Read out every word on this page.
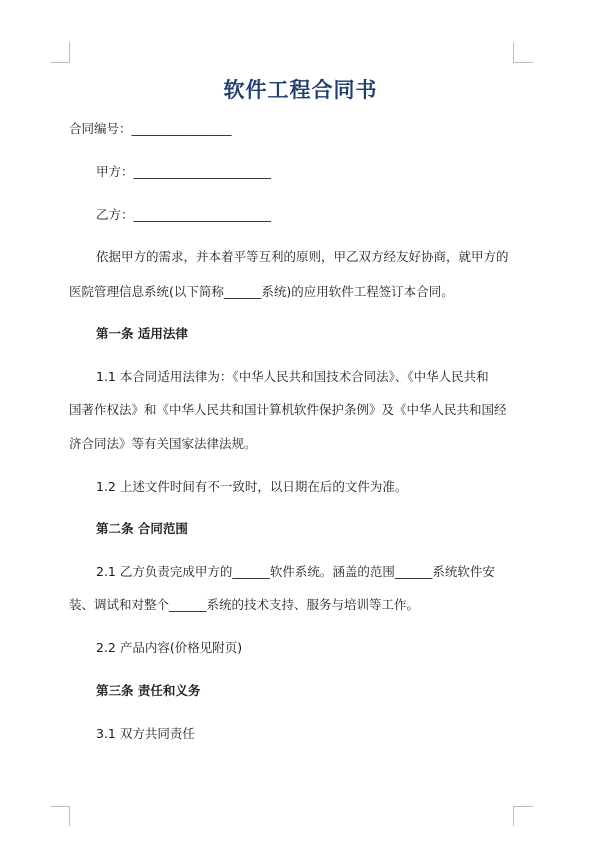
软件工程合同书
合同编号：________________
甲方：______________________
乙方：______________________
依据甲方的需求，并本着平等互利的原则，甲乙双方经友好协商，就甲方的
医院管理信息系统(以下简称______系统)的应用软件工程签订本合同。
第一条 适用法律
1.1 本合同适用法律为：《中华人民共和国技术合同法》、《中华人民共和
国著作权法》和《中华人民共和国计算机软件保护条例》及《中华人民共和国经
济合同法》等有关国家法律法规。
1.2 上述文件时间有不一致时，以日期在后的文件为准。
第二条 合同范围
2.1 乙方负责完成甲方的______软件系统。涵盖的范围______系统软件安
装、调试和对整个______系统的技术支持、服务与培训等工作。
2.2 产品内容(价格见附页)
第三条 责任和义务
3.1 双方共同责任
